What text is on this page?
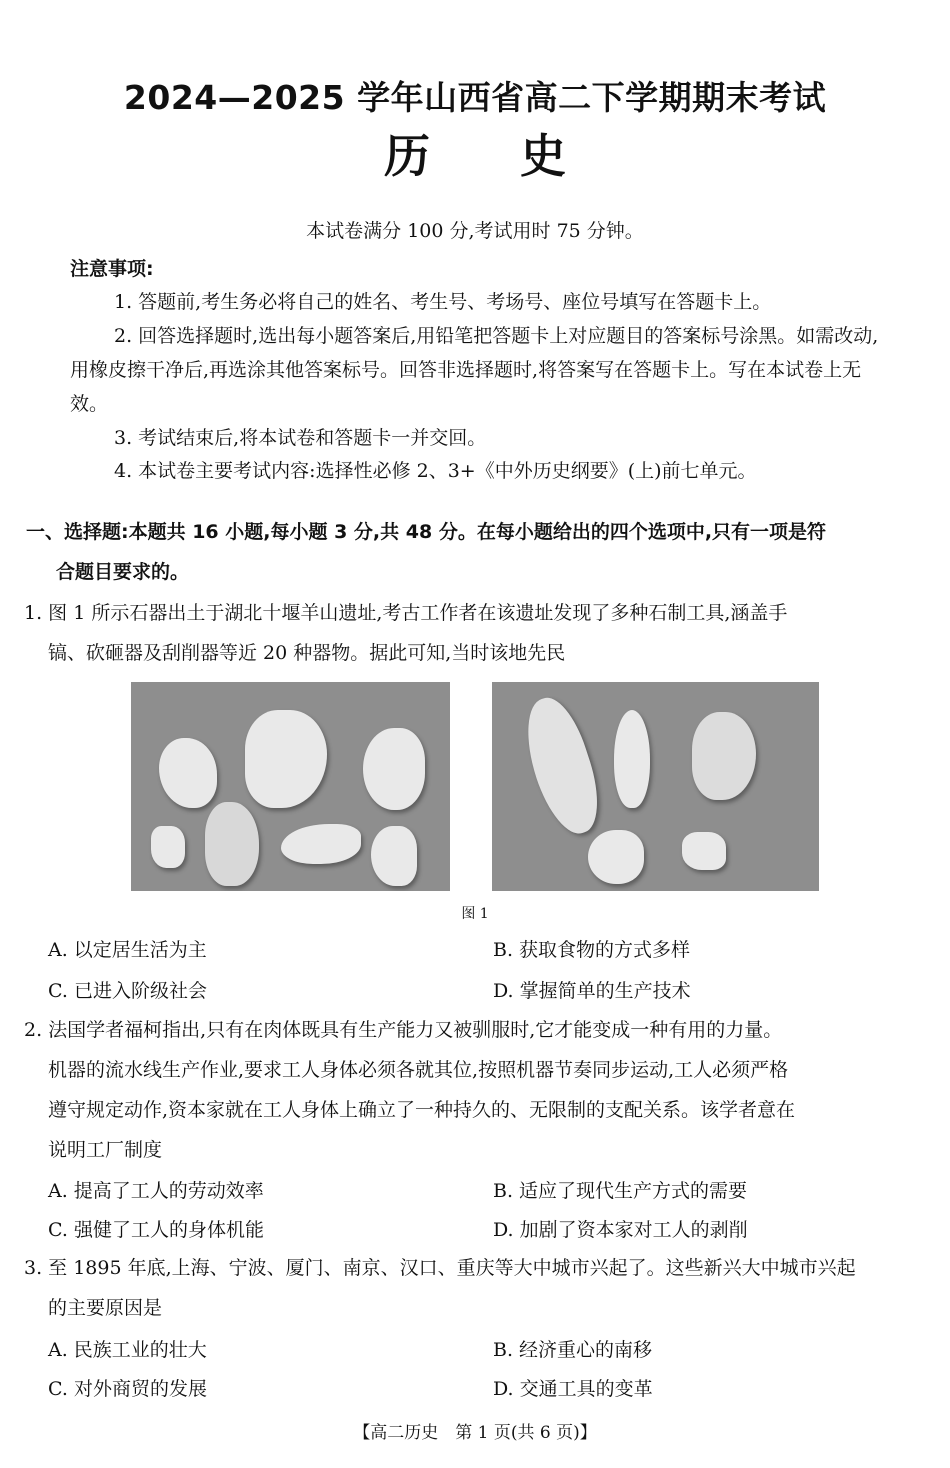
2024—2025 学年山西省高二下学期期末考试
历史
本试卷满分 100 分,考试用时 75 分钟。
注意事项:
1. 答题前,考生务必将自己的姓名、考生号、考场号、座位号填写在答题卡上。
2. 回答选择题时,选出每小题答案后,用铅笔把答题卡上对应题目的答案标号涂黑。如需改动,用橡皮擦干净后,再选涂其他答案标号。回答非选择题时,将答案写在答题卡上。写在本试卷上无效。
3. 考试结束后,将本试卷和答题卡一并交回。
4. 本试卷主要考试内容:选择性必修 2、3+《中外历史纲要》(上)前七单元。
一、选择题:本题共 16 小题,每小题 3 分,共 48 分。在每小题给出的四个选项中,只有一项是符
合题目要求的。
1. 图 1 所示石器出土于湖北十堰羊山遗址,考古工作者在该遗址发现了多种石制工具,涵盖手
镐、砍砸器及刮削器等近 20 种器物。据此可知,当时该地先民
图 1
A. 以定居生活为主	B. 获取食物的方式多样
C. 已进入阶级社会	D. 掌握简单的生产技术
2. 法国学者福柯指出,只有在肉体既具有生产能力又被驯服时,它才能变成一种有用的力量。
机器的流水线生产作业,要求工人身体必须各就其位,按照机器节奏同步运动,工人必须严格
遵守规定动作,资本家就在工人身体上确立了一种持久的、无限制的支配关系。该学者意在
说明工厂制度
A. 提高了工人的劳动效率	B. 适应了现代生产方式的需要
C. 强健了工人的身体机能	D. 加剧了资本家对工人的剥削
3. 至 1895 年底,上海、宁波、厦门、南京、汉口、重庆等大中城市兴起了。这些新兴大中城市兴起
的主要原因是
A. 民族工业的壮大	B. 经济重心的南移
C. 对外商贸的发展	D. 交通工具的变革
【高二历史　第 1 页(共 6 页)】
